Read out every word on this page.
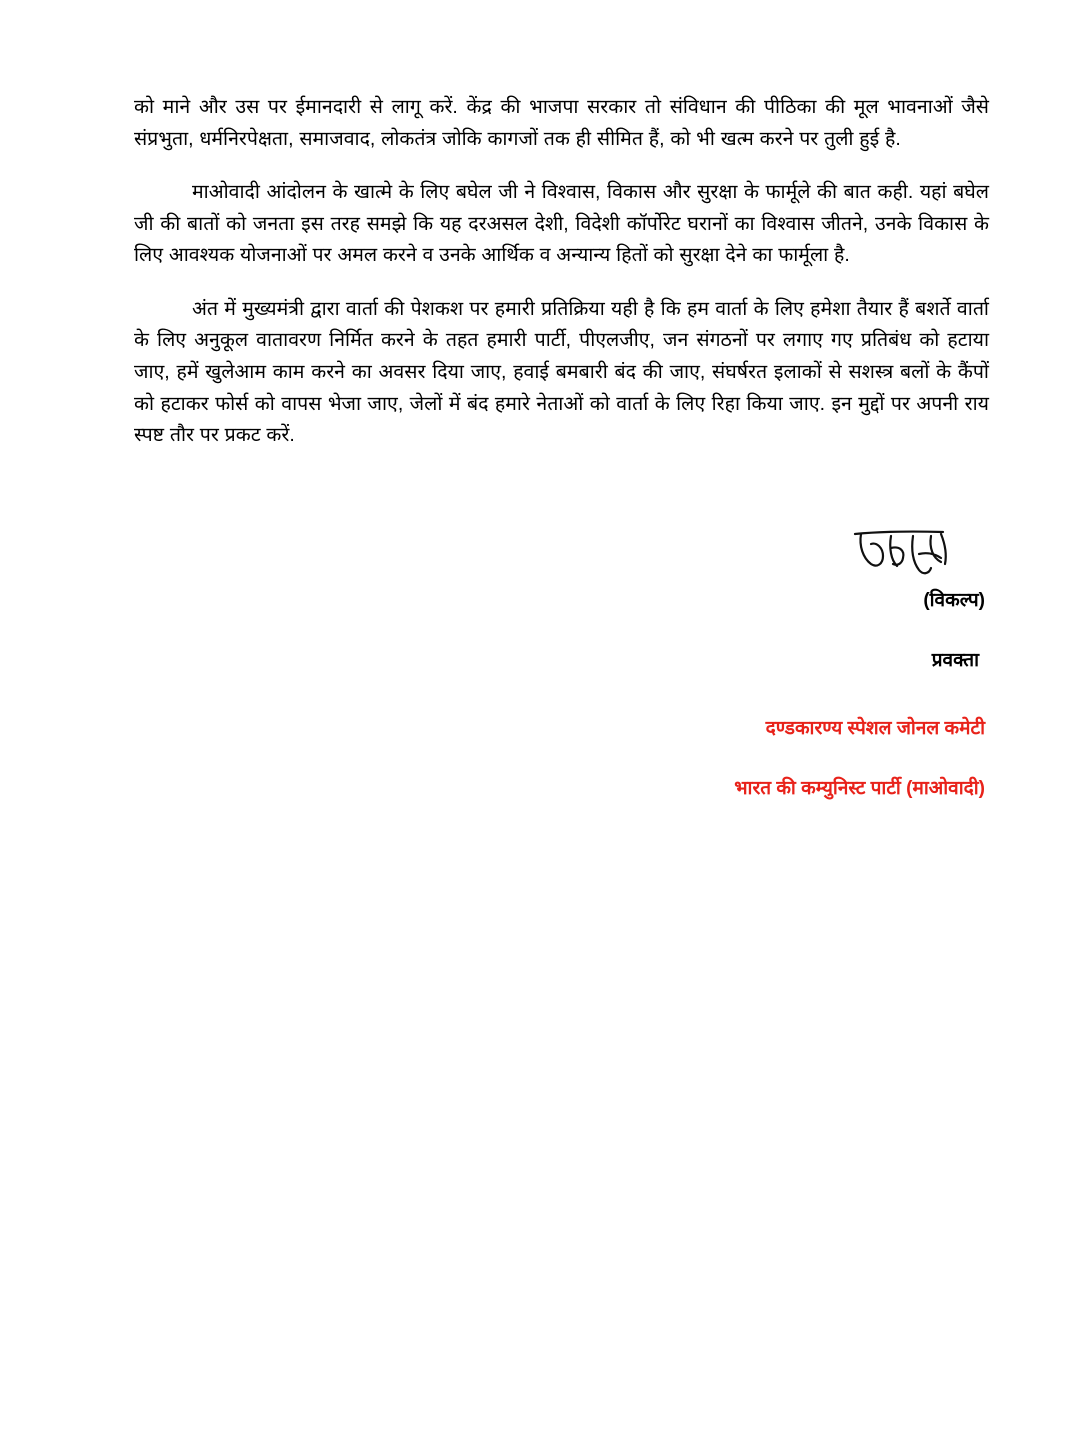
को माने और उस पर ईमानदारी से लागू करें. केंद्र की भाजपा सरकार तो संविधान की पीठिका की मूल भावनाओं जैसे संप्रभुता, धर्मनिरपेक्षता, समाजवाद, लोकतंत्र जोकि कागजों तक ही सीमित हैं, को भी खत्म करने पर तुली हुई है.

माओवादी आंदोलन के खात्मे के लिए बघेल जी ने विश्वास, विकास और सुरक्षा के फार्मूले की बात कही. यहां बघेल जी की बातों को जनता इस तरह समझे कि यह दरअसल देशी, विदेशी कॉर्पोरेट घरानों का विश्वास जीतने, उनके विकास के लिए आवश्यक योजनाओं पर अमल करने व उनके आर्थिक व अन्यान्य हितों को सुरक्षा देने का फार्मूला है.

अंत में मुख्यमंत्री द्वारा वार्ता की पेशकश पर हमारी प्रतिक्रिया यही है कि हम वार्ता के लिए हमेशा तैयार हैं बशर्ते वार्ता के लिए अनुकूल वातावरण निर्मित करने के तहत हमारी पार्टी, पीएलजीए, जन संगठनों पर लगाए गए प्रतिबंध को हटाया जाए, हमें खुलेआम काम करने का अवसर दिया जाए, हवाई बमबारी बंद की जाए, संघर्षरत इलाकों से सशस्त्र बलों के कैंपों को हटाकर फोर्स को वापस भेजा जाए, जेलों में बंद हमारे नेताओं को वार्ता के लिए रिहा किया जाए. इन मुद्दों पर अपनी राय स्पष्ट तौर पर प्रकट करें.

(विकल्प)

प्रवक्ता

दण्डकारण्य स्पेशल जोनल कमेटी

भारत की कम्युनिस्ट पार्टी (माओवादी)
